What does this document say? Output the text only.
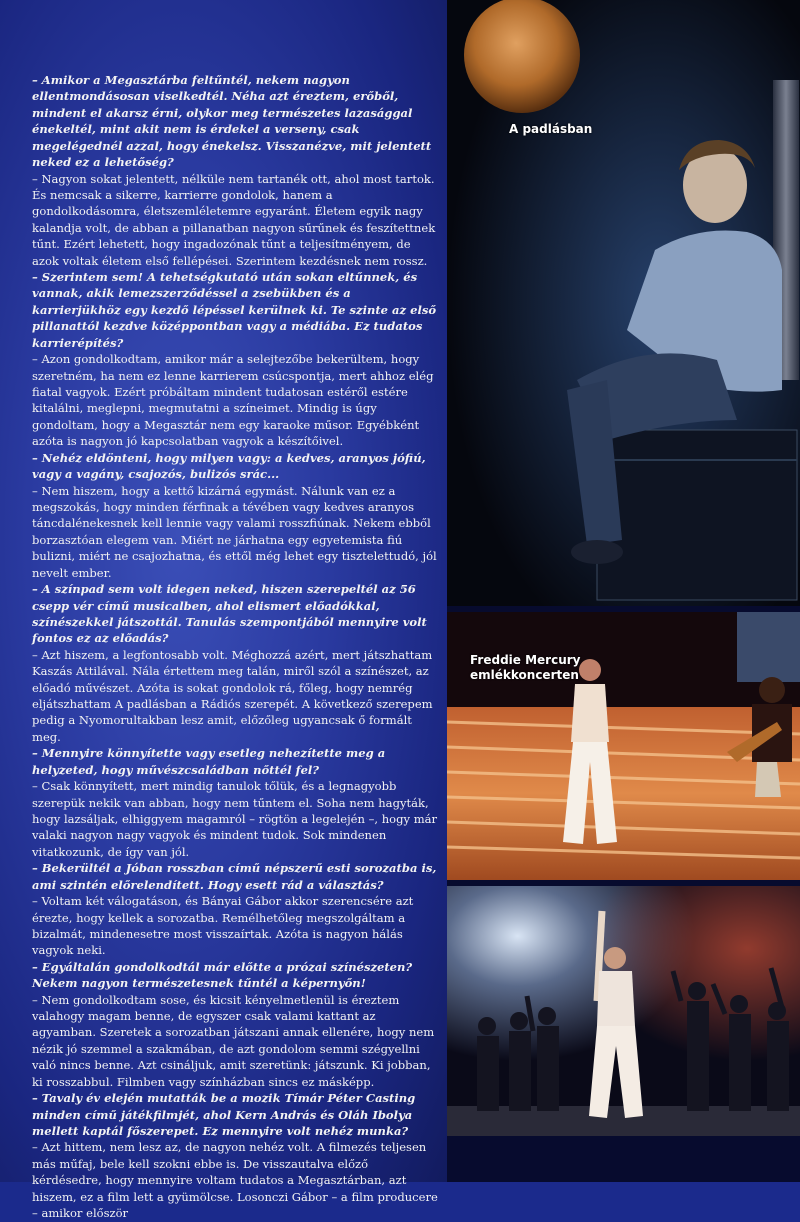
– Amikor a Megasztárba feltűntél, nekem nagyon ellentmondásosan viselkedtél. Néha azt éreztem, erőből, mindent el akarsz érni, olykor meg természetes lazasággal énekeltél, mint akit nem is érdekel a verseny, csak megelégednél azzal, hogy énekelsz. Visszanézve, mit jelentett neked ez a lehetőség?

– Nagyon sokat jelentett, nélküle nem tartanék ott, ahol most tartok. És nemcsak a sikerre, karrierre gondolok, hanem a gondolkodásomra, életszemléletemre egyaránt. Életem egyik nagy kalandja volt, de abban a pillanatban nagyon sűrűnek és feszítettnek tűnt. Ezért lehetett, hogy ingadozónak tűnt a teljesítményem, de azok voltak életem első fellépései. Szerintem kezdésnek nem rossz.

– Szerintem sem! A tehetségkutató után sokan eltűnnek, és vannak, akik lemezszerződéssel a zsebükben és a karrierjükhöz egy kezdő lépéssel kerülnek ki. Te szinte az első pillanattól kezdve középpontban vagy a médiába. Ez tudatos karrierépítés?

– Azon gondolkodtam, amikor már a selejtezőbe bekerültem, hogy szeretném, ha nem ez lenne karrierem csúcspontja, mert ahhoz elég fiatal vagyok. Ezért próbáltam mindent tudatosan estéről estére kitalálni, meglepni, megmutatni a színeimet. Mindig is úgy gondoltam, hogy a Megasztár nem egy karaoke műsor. Egyébként azóta is nagyon jó kapcsolatban vagyok a készítőivel.

– Nehéz eldönteni, hogy milyen vagy: a kedves, aranyos jófiú, vagy a vagány, csajozós, bulizós srác...

– Nem hiszem, hogy a kettő kizárná egymást. Nálunk van ez a megszokás, hogy minden férfinak a tévében vagy kedves aranyos táncdalénekesnek kell lennie vagy valami rosszfiúnak. Nekem ebből borzasztóan elegem van. Miért ne járhatna egy egyetemista fiú bulizni, miért ne csajozhatna, és ettől még lehet egy tisztelettudó, jól nevelt ember.

– A színpad sem volt idegen neked, hiszen szerepeltél az 56 csepp vér című musicalben, ahol elismert előadókkal, színészekkel játszottál. Tanulás szempontjából mennyire volt fontos ez az előadás?

– Azt hiszem, a legfontosabb volt. Méghozzá azért, mert játszhattam Kaszás Attilával. Nála értettem meg talán, miről szól a színészet, az előadó művészet. Azóta is sokat gondolok rá, főleg, hogy nemrég eljátszhattam A padlásban a Rádiós szerepét. A következő szerepem pedig a Nyomorultakban lesz amit, előzőleg ugyancsak ő formált meg.

– Mennyire könnyítette vagy esetleg nehezítette meg a helyzeted, hogy művészcsaládban nőttél fel?

– Csak könnyített, mert mindig tanulok tőlük, és a legnagyobb szerepük nekik van abban, hogy nem tűntem el. Soha nem hagyták, hogy lazsáljak, elhiggyem magamról – rögtön a legelején –, hogy már valaki nagyon nagy vagyok és mindent tudok. Sok mindenen vitatkozunk, de így van jól.

– Bekerültél a Jóban rosszban című népszerű esti sorozatba is, ami szintén előrelendített. Hogy esett rád a választás?

– Voltam két válogatáson, és Bányai Gábor akkor szerencsére azt érezte, hogy kellek a sorozatba. Remélhetőleg megszolgáltam a bizalmát, mindenesetre most visszaírtak. Azóta is nagyon hálás vagyok neki.

– Egyáltalán gondolkodtál már előtte a prózai színészeten? Nekem nagyon természetesnek tűntél a képernyőn!

– Nem gondolkodtam sose, és kicsit kényelmetlenül is éreztem valahogy magam benne, de egyszer csak valami kattant az agyamban. Szeretek a sorozatban játszani annak ellenére, hogy nem nézik jó szemmel a szakmában, de azt gondolom semmi szégyellni való nincs benne. Azt csináljuk, amit szeretünk: játszunk. Ki jobban, ki rosszabbul. Filmben vagy színházban sincs ez másképp.

– Tavaly év elején mutatták be a mozik Tímár Péter Casting minden című játékfilmjét, ahol Kern András és Oláh Ibolya mellett kaptál főszerepet. Ez mennyire volt nehéz munka?

– Azt hittem, nem lesz az, de nagyon nehéz volt. A filmezés teljesen más műfaj, bele kell szokni ebbe is. De visszautalva előző kérdésedre, hogy mennyire voltam tudatos a Megasztárban, azt hiszem, ez a film lett a gyümölcse. Losonczi Gábor – a film producere – amikor először

A padlásban
Freddie Mercury
emlékkoncerten
